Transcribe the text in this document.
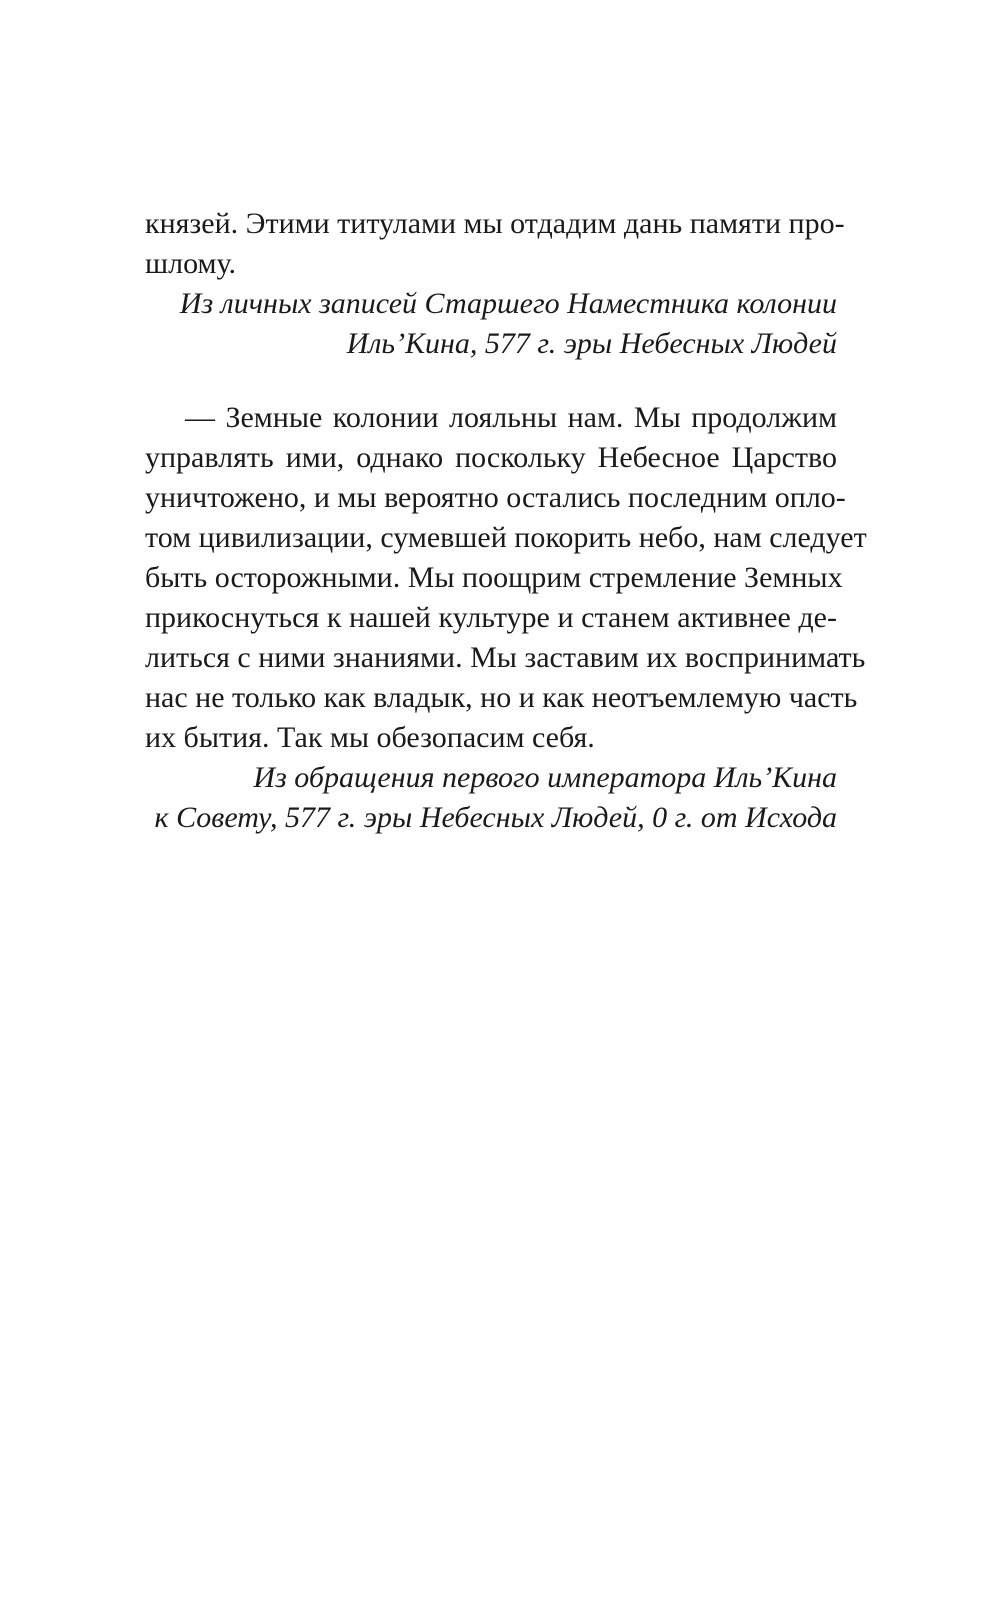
князей. Этими титулами мы отдадим дань памяти про-

шлому.

Из личных записей Старшего Наместника колонии

Иль’Кина, 577 г. эры Небесных Людей

— Земные колонии лояльны нам. Мы продолжим

управлять ими, однако поскольку Небесное Царство

уничтожено, и мы вероятно остались последним опло-

том цивилизации, сумевшей покорить небо, нам следует

быть осторожными. Мы поощрим стремление Земных

прикоснуться к нашей культуре и станем активнее де-

литься с ними знаниями. Мы заставим их воспринимать

нас не только как владык, но и как неотъемлемую часть

их бытия. Так мы обезопасим себя.

Из обращения первого императора Иль’Кина

к Совету, 577 г. эры Небесных Людей, 0 г. от Исхода
